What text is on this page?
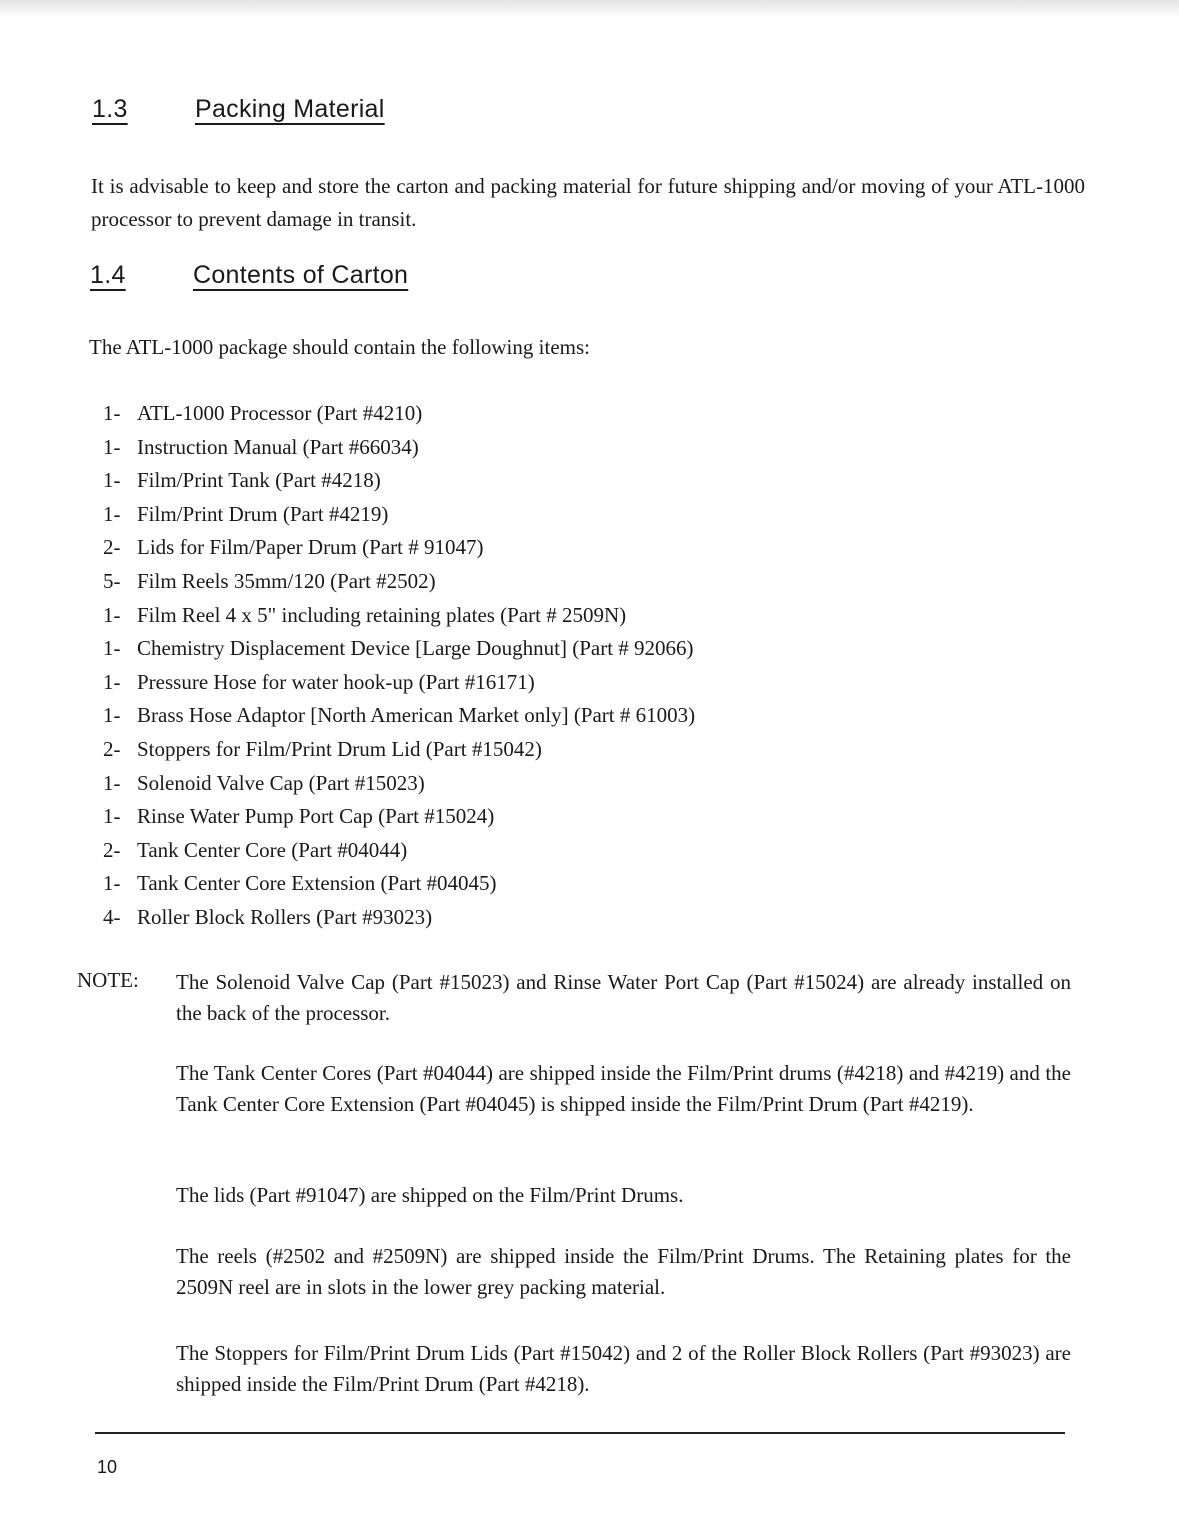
1.3	Packing Material
It is advisable to keep and store the carton and packing material for future shipping and/or moving of your ATL-1000 processor to prevent damage in transit.
1.4	Contents of Carton
The ATL-1000 package should contain the following items:
1- ATL-1000 Processor (Part #4210)
1- Instruction Manual (Part #66034)
1- Film/Print Tank (Part #4218)
1- Film/Print Drum (Part #4219)
2- Lids for Film/Paper Drum (Part # 91047)
5- Film Reels 35mm/120 (Part #2502)
1- Film Reel 4 x 5" including retaining plates (Part # 2509N)
1- Chemistry Displacement Device [Large Doughnut] (Part # 92066)
1- Pressure Hose for water hook-up (Part #16171)
1- Brass Hose Adaptor [North American Market only] (Part # 61003)
2- Stoppers for Film/Print Drum Lid (Part #15042)
1- Solenoid Valve Cap (Part #15023)
1- Rinse Water Pump Port Cap (Part #15024)
2- Tank Center Core (Part #04044)
1- Tank Center Core Extension (Part #04045)
4- Roller Block Rollers (Part #93023)
NOTE: The Solenoid Valve Cap (Part #15023) and Rinse Water Port Cap (Part #15024) are already installed on the back of the processor.
The Tank Center Cores (Part #04044) are shipped inside the Film/Print drums (#4218) and #4219) and the Tank Center Core Extension (Part #04045) is shipped inside the Film/Print Drum (Part #4219).
The lids (Part #91047) are shipped on the Film/Print Drums.
The reels (#2502 and #2509N) are shipped inside the Film/Print Drums. The Retaining plates for the 2509N reel are in slots in the lower grey packing material.
The Stoppers for Film/Print Drum Lids (Part #15042) and 2 of the Roller Block Rollers (Part #93023) are shipped inside the Film/Print Drum (Part #4218).
10
